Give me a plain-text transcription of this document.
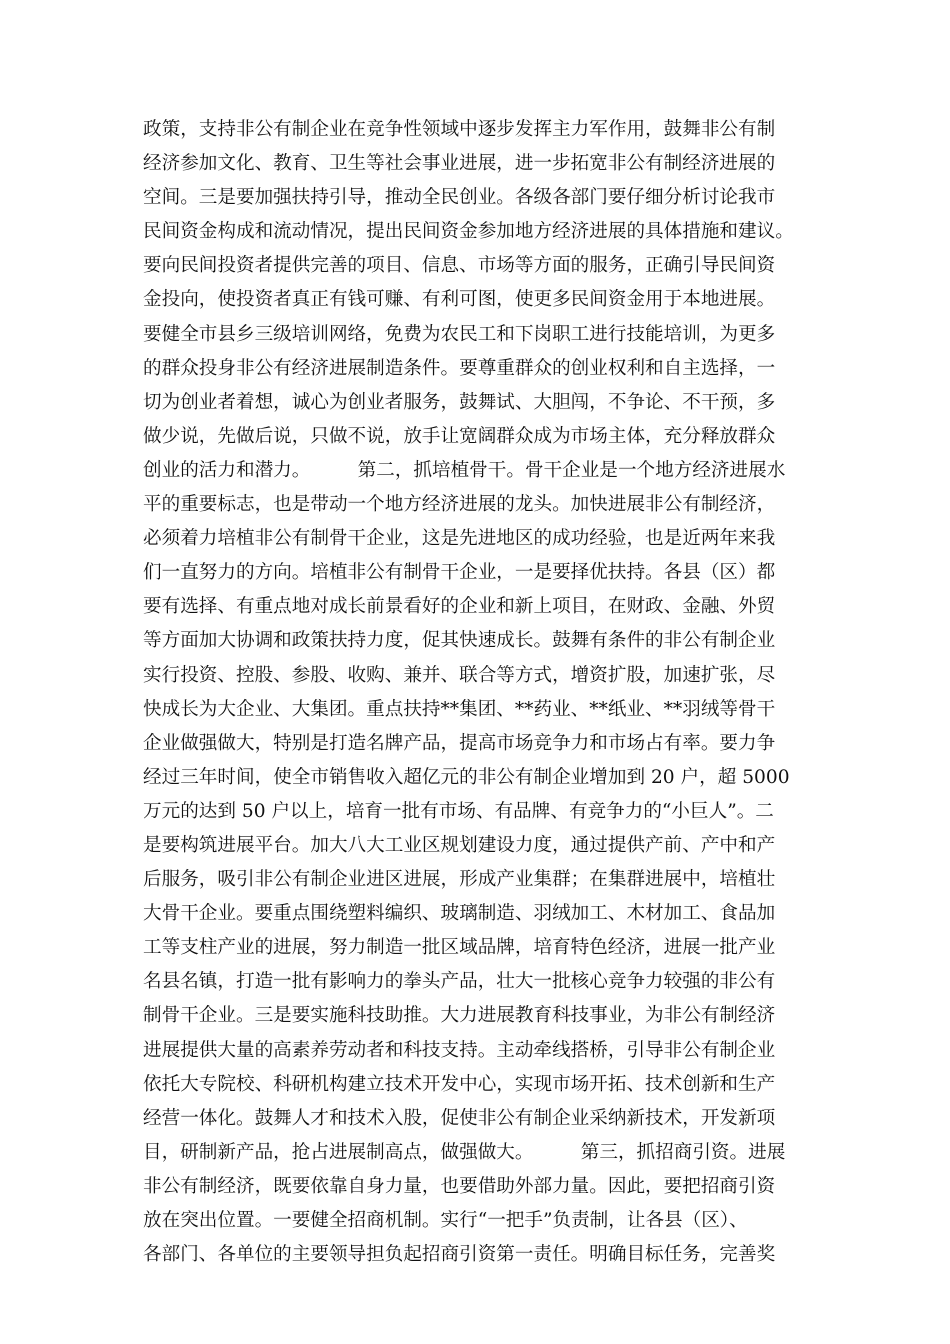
政策，支持非公有制企业在竞争性领域中逐步发挥主力军作用，鼓舞非公有制
经济参加文化、教育、卫生等社会事业进展，进一步拓宽非公有制经济进展的
空间。三是要加强扶持引导，推动全民创业。各级各部门要仔细分析讨论我市
民间资金构成和流动情况，提出民间资金参加地方经济进展的具体措施和建议。
要向民间投资者提供完善的项目、信息、市场等方面的服务，正确引导民间资
金投向，使投资者真正有钱可赚、有利可图，使更多民间资金用于本地进展。
要健全市县乡三级培训网络，免费为农民工和下岗职工进行技能培训，为更多
的群众投身非公有经济进展制造条件。要尊重群众的创业权利和自主选择，一
切为创业者着想，诚心为创业者服务，鼓舞试、大胆闯，不争论、不干预，多
做少说，先做后说，只做不说，放手让宽阔群众成为市场主体，充分释放群众
创业的活力和潜力。        第二，抓培植骨干。骨干企业是一个地方经济进展水
平的重要标志，也是带动一个地方经济进展的龙头。加快进展非公有制经济，
必须着力培植非公有制骨干企业，这是先进地区的成功经验，也是近两年来我
们一直努力的方向。培植非公有制骨干企业，一是要择优扶持。各县（区）都
要有选择、有重点地对成长前景看好的企业和新上项目，在财政、金融、外贸
等方面加大协调和政策扶持力度，促其快速成长。鼓舞有条件的非公有制企业
实行投资、控股、参股、收购、兼并、联合等方式，增资扩股，加速扩张，尽
快成长为大企业、大集团。重点扶持**集团、**药业、**纸业、**羽绒等骨干
企业做强做大，特别是打造名牌产品，提高市场竞争力和市场占有率。要力争
经过三年时间，使全市销售收入超亿元的非公有制企业增加到 20 户，超 5000
万元的达到 50 户以上，培育一批有市场、有品牌、有竞争力的“小巨人”。二
是要构筑进展平台。加大八大工业区规划建设力度，通过提供产前、产中和产
后服务，吸引非公有制企业进区进展，形成产业集群；在集群进展中，培植壮
大骨干企业。要重点围绕塑料编织、玻璃制造、羽绒加工、木材加工、食品加
工等支柱产业的进展，努力制造一批区域品牌，培育特色经济，进展一批产业
名县名镇，打造一批有影响力的拳头产品，壮大一批核心竞争力较强的非公有
制骨干企业。三是要实施科技助推。大力进展教育科技事业，为非公有制经济
进展提供大量的高素养劳动者和科技支持。主动牵线搭桥，引导非公有制企业
依托大专院校、科研机构建立技术开发中心，实现市场开拓、技术创新和生产
经营一体化。鼓舞人才和技术入股，促使非公有制企业采纳新技术，开发新项
目，研制新产品，抢占进展制高点，做强做大。        第三，抓招商引资。进展
非公有制经济，既要依靠自身力量，也要借助外部力量。因此，要把招商引资
放在突出位置。一要健全招商机制。实行“一把手”负责制，让各县（区）、
各部门、各单位的主要领导担负起招商引资第一责任。明确目标任务，完善奖
